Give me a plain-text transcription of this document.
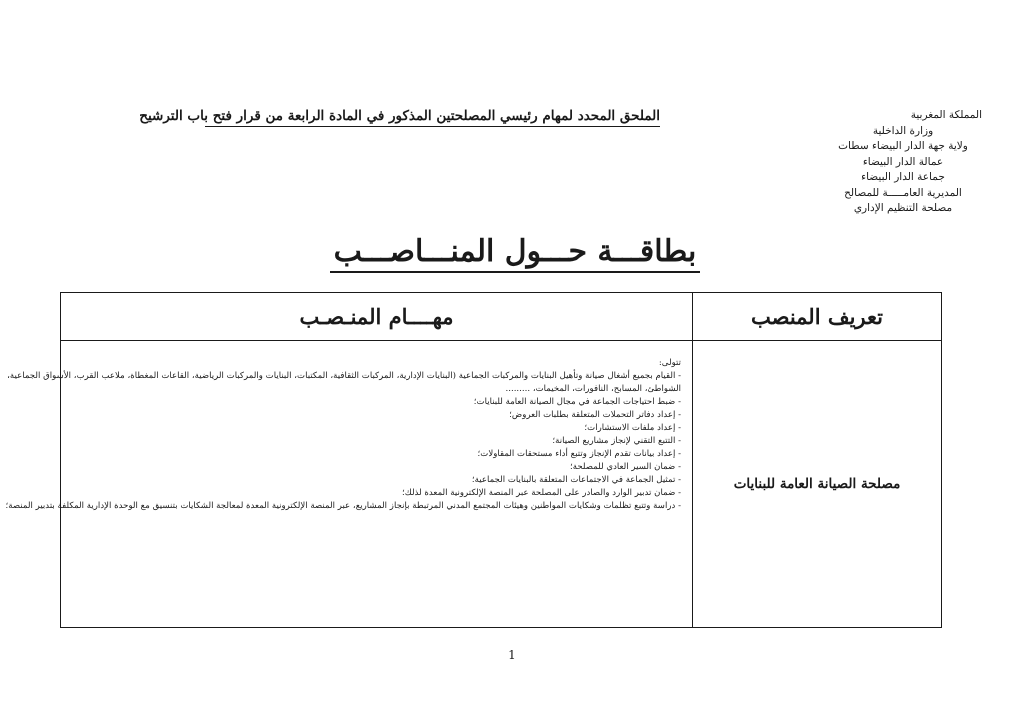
المملكة المغربية
وزارة الداخلية
ولاية جهة الدار البيضاء سطات
عمالة الدار البيضاء
جماعة الدار البيضاء
المديرية العامـــــة للمصالح
مصلحة التنظيم الإداري
الملحق المحدد لمهام رئيسي المصلحتين المذكور في المادة الرابعة من قرار فتح باب الترشيح
بطاقـــة حـــول المنـــاصـــب
تعريف المنصب
مهــــام المنـصـب
مصلحة الصيانة العامة للبنايات
تتولى:
- القيام بجميع أشغال صيانة وتأهيل البنايات والمركبات الجماعية (البنايات الإدارية، المركبات الثقافية، المكتبات، البنايات والمركبات الرياضية، القاعات المغطاة، ملاعب القرب، الأسواق الجماعية،
الشواطئ، المسابح، النافورات، المخيمات، .........
- ضبط احتياجات الجماعة في مجال الصيانة العامة للبنايات؛
- إعداد دفاتر التحملات المتعلقة بطلبات العروض؛
- إعداد ملفات الاستشارات؛
- التتبع التقني لإنجاز مشاريع الصيانة؛
- إعداد بيانات تقدم الإنجاز وتتبع أداء مستحقات المقاولات؛
- ضمان السير العادي للمصلحة؛
- تمثيل الجماعة في الاجتماعات المتعلقة بالبنايات الجماعية؛
- ضمان تدبير الوارد والصادر على المصلحة عبر المنصة الإلكترونية المعدة لذلك؛
- دراسة وتتبع تظلمات وشكايات المواطنين وهيئات المجتمع المدني المرتبطة بإنجاز المشاريع، عبر المنصة الإلكترونية المعدة لمعالجة الشكايات بتنسيق مع الوحدة الإدارية المكلفة بتدبير المنصة؛
1
